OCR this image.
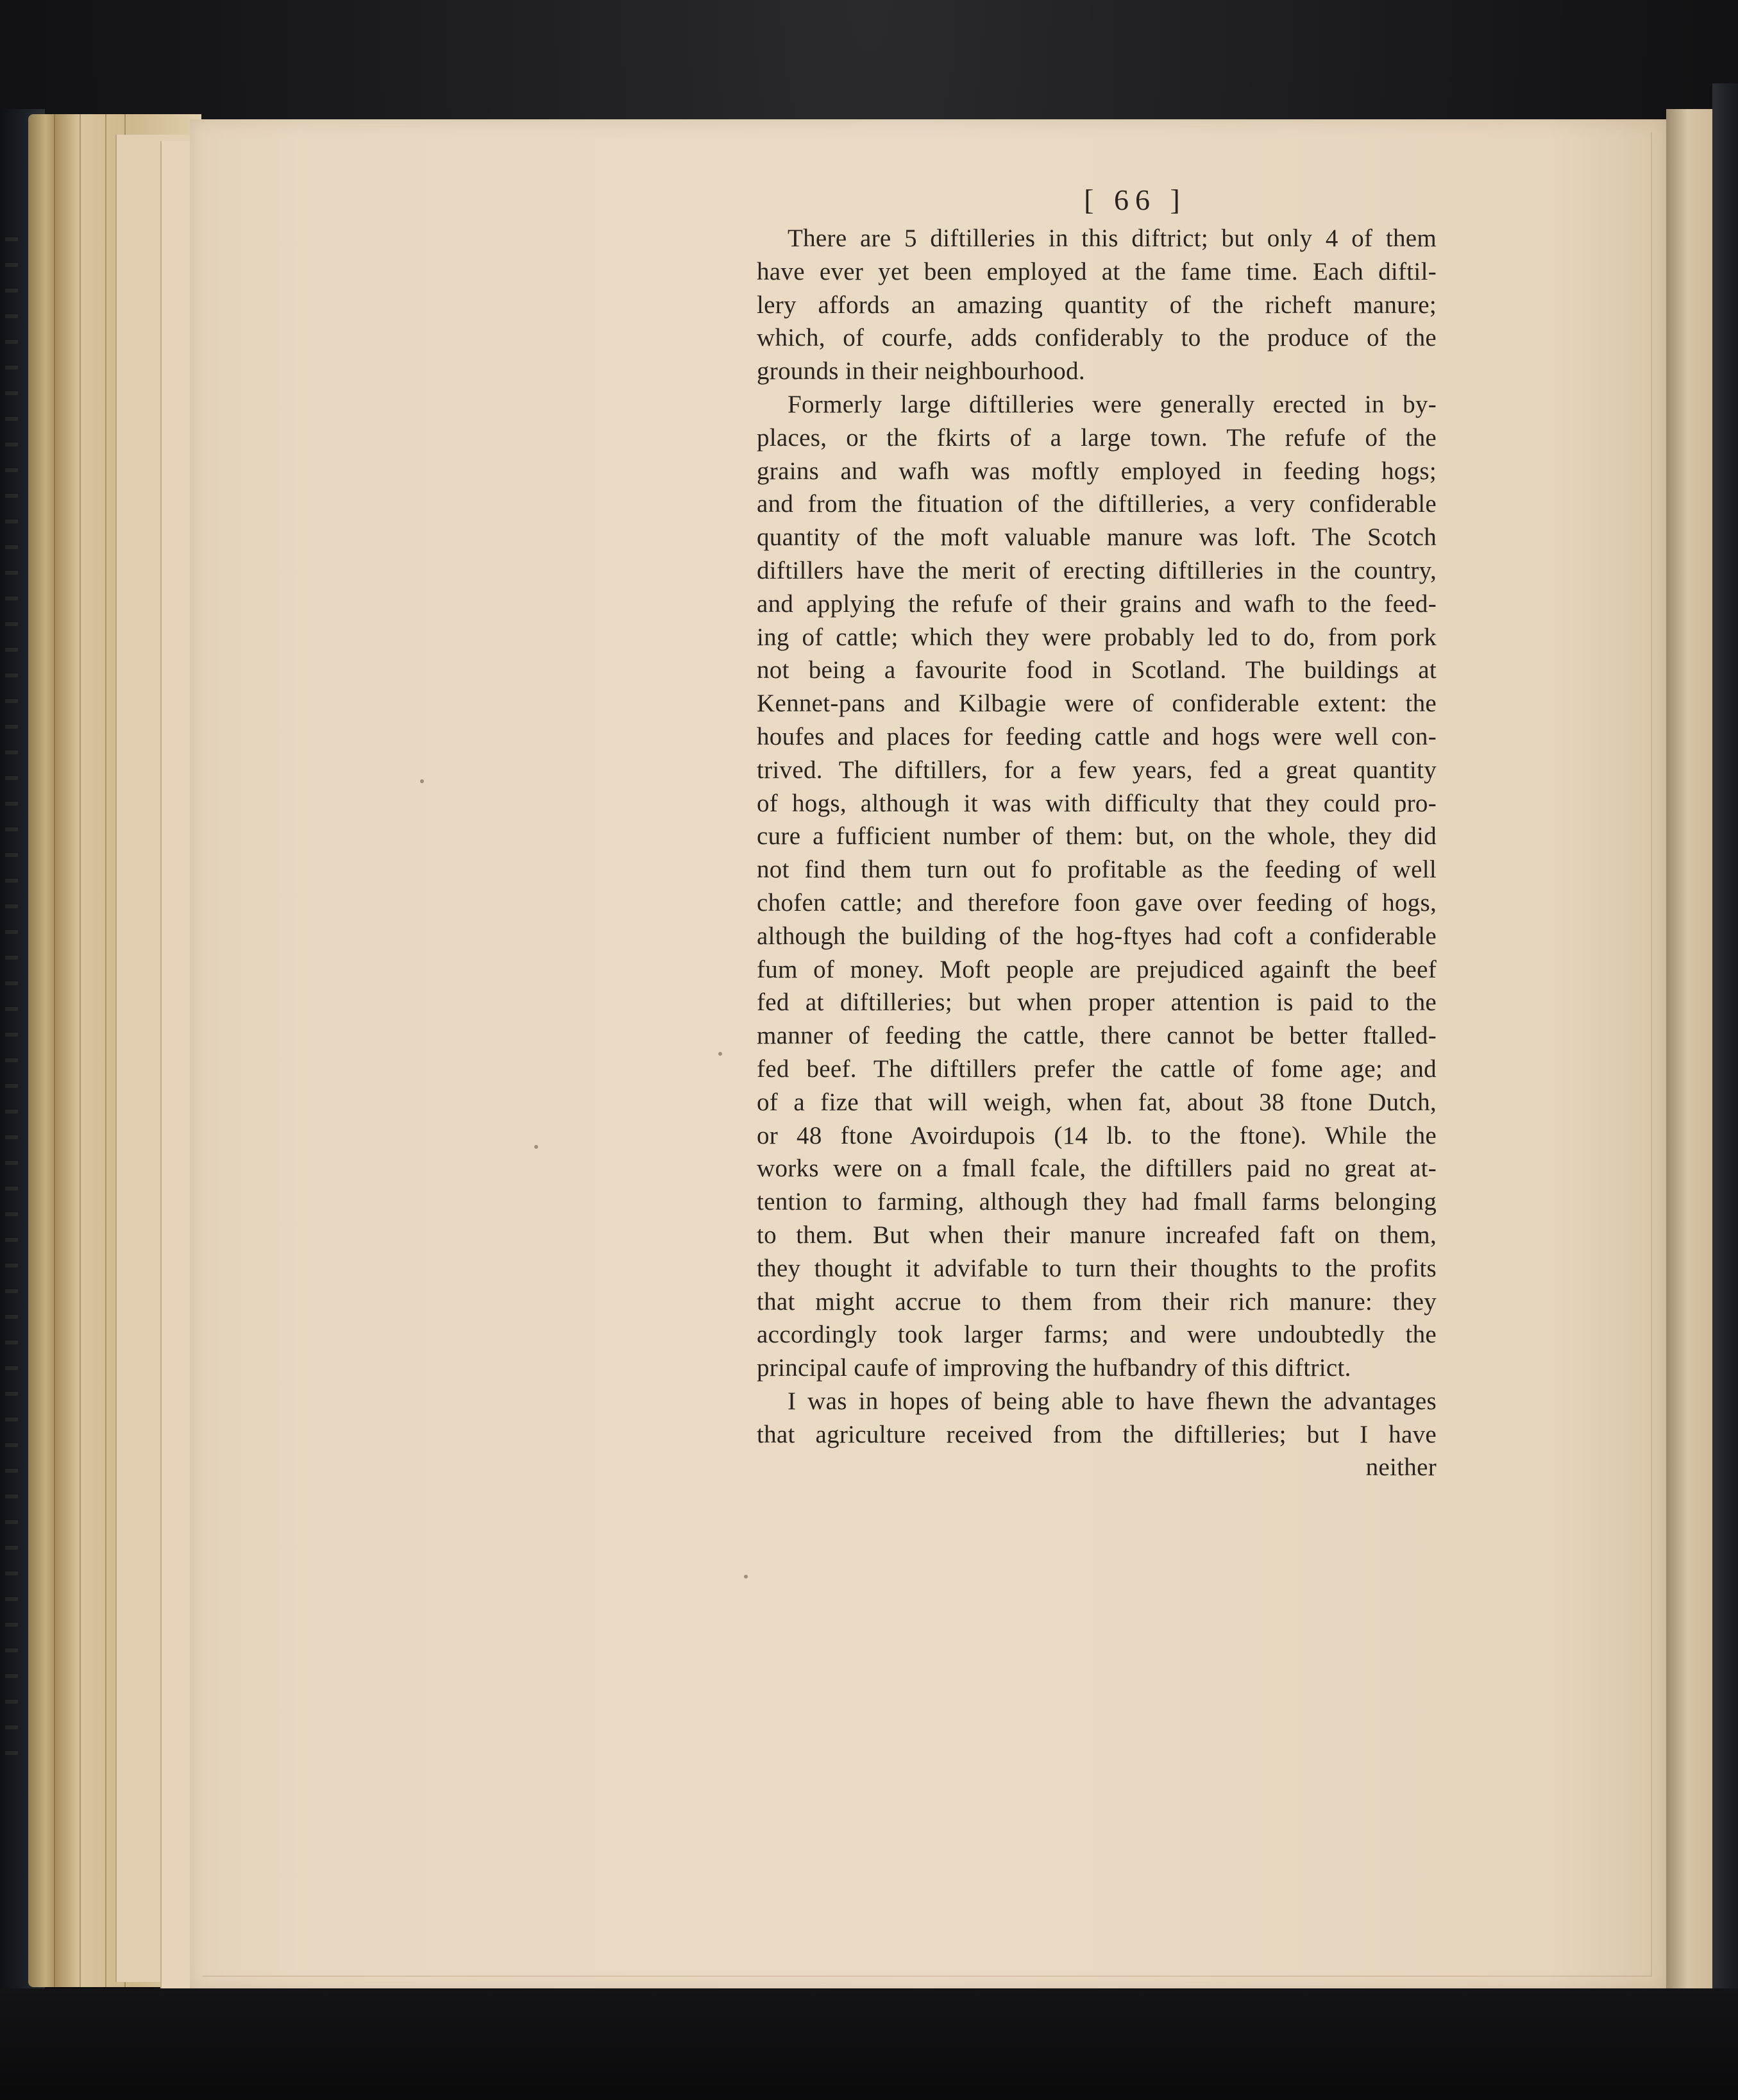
[ 66 ]
There are 5 diftilleries in this diftrict; but only 4 of them
have ever yet been employed at the fame time. Each diftil-
lery affords an amazing quantity of the richeft manure;
which, of courfe, adds confiderably to the produce of the
grounds in their neighbourhood.
Formerly large diftilleries were generally erected in by-
places, or the fkirts of a large town. The refufe of the
grains and wafh was moftly employed in feeding hogs;
and from the fituation of the diftilleries, a very confiderable
quantity of the moft valuable manure was loft. The Scotch
diftillers have the merit of erecting diftilleries in the country,
and applying the refufe of their grains and wafh to the feed-
ing of cattle; which they were probably led to do, from pork
not being a favourite food in Scotland. The buildings at
Kennet-pans and Kilbagie were of confiderable extent: the
houfes and places for feeding cattle and hogs were well con-
trived. The diftillers, for a few years, fed a great quantity
of hogs, although it was with difficulty that they could pro-
cure a fufficient number of them: but, on the whole, they did
not find them turn out fo profitable as the feeding of well
chofen cattle; and therefore foon gave over feeding of hogs,
although the building of the hog-ftyes had coft a confiderable
fum of money. Moft people are prejudiced againft the beef
fed at diftilleries; but when proper attention is paid to the
manner of feeding the cattle, there cannot be better ftalled-
fed beef. The diftillers prefer the cattle of fome age; and
of a fize that will weigh, when fat, about 38 ftone Dutch,
or 48 ftone Avoirdupois (14 lb. to the ftone). While the
works were on a fmall fcale, the diftillers paid no great at-
tention to farming, although they had fmall farms belonging
to them. But when their manure increafed faft on them,
they thought it advifable to turn their thoughts to the profits
that might accrue to them from their rich manure: they
accordingly took larger farms; and were undoubtedly the
principal caufe of improving the hufbandry of this diftrict.
I was in hopes of being able to have fhewn the advantages
that agriculture received from the diftilleries; but I have
neither
